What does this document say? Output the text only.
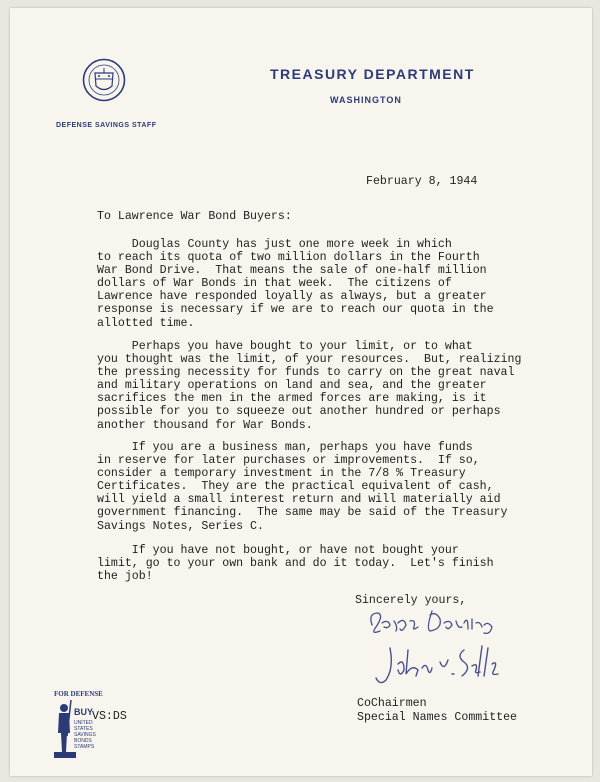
DEFENSE SAVINGS STAFF
TREASURY DEPARTMENT
WASHINGTON
February 8, 1944
To Lawrence War Bond Buyers:

Douglas County has just one more week in which
to reach its quota of two million dollars in the Fourth
War Bond Drive.  That means the sale of one-half million
dollars of War Bonds in that week.  The citizens of
Lawrence have responded loyally as always, but a greater
response is necessary if we are to reach our quota in the
allotted time.

Perhaps you have bought to your limit, or to what
you thought was the limit, of your resources.  But, realizing
the pressing necessity for funds to carry on the great naval
and military operations on land and sea, and the greater
sacrifices the men in the armed forces are making, is it
possible for you to squeeze out another hundred or perhaps
another thousand for War Bonds.

If you are a business man, perhaps you have funds
in reserve for later purchases or improvements.  If so,
consider a temporary investment in the 7/8 % Treasury
Certificates.  They are the practical equivalent of cash,
will yield a small interest return and will materially aid
government financing.  The same may be said of the Treasury
Savings Notes, Series C.

If you have not bought, or have not bought your
limit, go to your own bank and do it today.  Let's finish
the job!

Sincerely yours,
CoChairmen
Special Names Committee
FOR DEFENSE
BUY
UNITED
STATES
SAVINGS
BONDS
STAMPS
VS:DS
